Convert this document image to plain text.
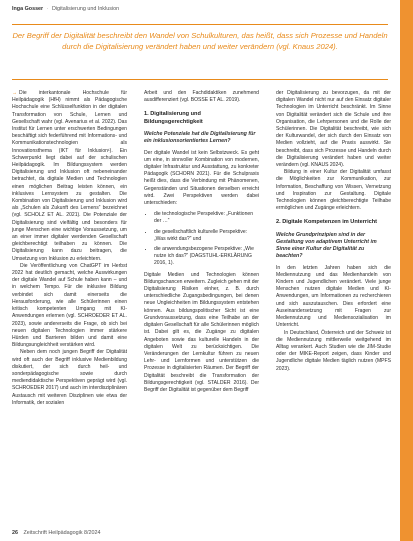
Inga Gosser · Digitalisierung und Inklusion
Der Begriff der Digitalität beschreibt den Wandel von Schulkulturen, das heißt, dass sich Prozesse und Handeln durch die Digitalisierung verändert haben und weiter verändern (vgl. Knaus 2024).

→ Die interkantonale Hochschule für Heilpädagogik (HfH) nimmt als Pädagogische Hochschule eine Schlüsselfunktion in der digitalen Transformation von Schule, Lernen und Gesellschaft wahr (vgl. Avenarius et al. 2022). Das Institut für Lernen unter erschwerten Bedingungen beschäftigt sich federführend mit Informations- und Kommunikationstechnologien als Innovationsthema (IKT für Inklusion¹). Ein Schwerpunkt liegt dabei auf der schulischen Heilpädagogik. Im Bildungssystem werden Digitalisierung und Inklusion oft nebeneinander betrachtet, da digitale Medien und Technologien einen möglichen Beitrag leisten können, ein inklusives Lernsystem zu gestalten. Die Kombination von Digitalisierung und Inklusion wird als „Schulen als Zukunft des Lernens“ bezeichnet (vgl. SCHOLZ ET AL. 2021). Die Potenziale der Digitalisierung sind vielfältig und besonders für junge Menschen eine wichtige Voraussetzung, um an einer immer digitaler werdenden Gesellschaft gleichberechtigt teilhaben zu können. Die Digitalisierung kann dazu beitragen, die Umsetzung von Inklusion zu erleichtern.

Die Veröffentlichung von ChatGPT im Herbst 2022 hat deutlich gemacht, welche Auswirkungen der digitale Wandel auf Schule haben kann – und in welchem Tempo. Für die inklusive Bildung verbindet sich damit einerseits die Herausforderung, wie alle Schülerinnen einen kritisch kompetenten Umgang mit KI-Anwendungen erlernen (vgl. SCHROEDER ET AL. 2023), sowie andererseits die Frage, ob sich bei neuen digitalen Technologien immer stärkere Hürden und Barrieren bilden und damit eine Bildungsungleichheit verstärken wird.

Neben dem noch jungen Begriff der Digitalität wird oft auch der Begriff inklusive Medienbildung diskutiert, der sich durch heil- und sonderpädagogische sowie durch mediendidaktische Perspektiven geprägt wird (vgl. SCHROEDER 2017) und auch im interdisziplinären Austausch mit weiteren Disziplinen wie etwa der Informatik, der sozialen

Arbeit und den Fachdidaktiken zunehmend ausdifferenziert (vgl. BOSSE ET AL. 2019).

1. Digitalisierung und Bildungsgerechtigkeit
Welche Potenziale hat die Digitalisierung für ein inklusionsorientiertes Lernen?

Der digitale Wandel ist kein Selbstzweck. Es geht um eine, in sinnvoller Kombination von modernen, digitaler Infrastruktur und Ausstattung, zu konkreter Pädagogik (SCHORN 2021). Für die Schulpraxis heißt dies, dass die Verbindung mit Phänomenen, Gegenständen und Situationen derselben erreicht wird. Zwei Perspektiven werden dabei unterschieden:

• die technologische Perspektive: „Funktionen der …“
• die gesellschaftlich kulturelle Perspektive: „Was wirkt das?“ und
• die anwendungsbezogene Perspektive: „Wie nutze ich das?“ (DAGSTUHL-ERKLÄRUNG 2016, 1).

Digitale Medien und Technologien können Bildungschancen erweitern. Zugleich gehen mit der Digitalisierung Risiken einher, z. B. durch unterschiedliche Zugangsbedingungen, bei denen neue Ungleichheiten im Bildungssystem entstehen können. Aus bildungspolitischer Sicht ist eine Grundvoraussetzung, dass eine Teilhabe an der digitalen Gesellschaft für alle Schülerinnen möglich ist. Dabei gilt es, die Zugänge zu digitalen Angeboten sowie das kulturelle Handeln in der digitalen Welt zu berücksichtigen. Die Veränderungen der Lernkultur führen zu neuen Lehr- und Lernformen und unterstützen die Prozesse in digitalisierten Räumen. Der Begriff der Digitalität beschreibt die Transformation der Bildungsgerechtigkeit (vgl. STALDER 2016). Der Begriff der Digitalität ist gegenüber dem Begriff

der Digitalisierung zu bevorzugen, da mit der digitalen Wandel nicht nur auf den Einsatz digitaler Technologien im Unterricht beschränkt. Im Sinne von Digitalität verändert sich die Schule und ihre Organisation, die Lehrpersonen und die Rolle der Schülerinnen. Die Digitalität beschreibt, wie sich der Kulturwandel, der sich durch den Einsatz von Medien vollzieht, auf die Praxis auswirkt. Sie beschreibt, dass sich Prozesse und Handeln durch die Digitalisierung verändert haben und weiter verändern (vgl. KNAUS 2024).

Bildung in einer Kultur der Digitalität umfasst die Möglichkeiten zur Kommunikation, zur Information, Beschaffung von Wissen, Vernetzung und Inspiration zur Gestaltung. Digitale Technologien können gleichberechtigte Teilhabe ermöglichen und Zugänge erleichtern.

2. Digitale Kompetenzen im Unterricht
Welche Grundprinzipien sind in der Gestaltung von adaptivem Unterricht im Sinne einer Kultur der Digitalität zu beachten?

In den letzten Jahren haben sich die Mediennutzung und das Medienhandeln von Kindern und Jugendlichen verändert. Viele junge Menschen nutzen digitale Medien und KI-Anwendungen, um Informationen zu recherchieren und sich auszutauschen. Dies erfordert eine Auseinandersetzung mit Fragen zur Mediennutzung und Mediensozialisation im Unterricht.

In Deutschland, Österreich und der Schweiz ist die Mediennutzung mittlerweile weitgehend im Alltag verankert. Auch Studien wie die JIM-Studie oder der MIKE-Report zeigen, dass Kinder und Jugendliche digitale Medien täglich nutzen (MPFS 2023).

26 Zeitschrift Heilpädagogik 8/2024
